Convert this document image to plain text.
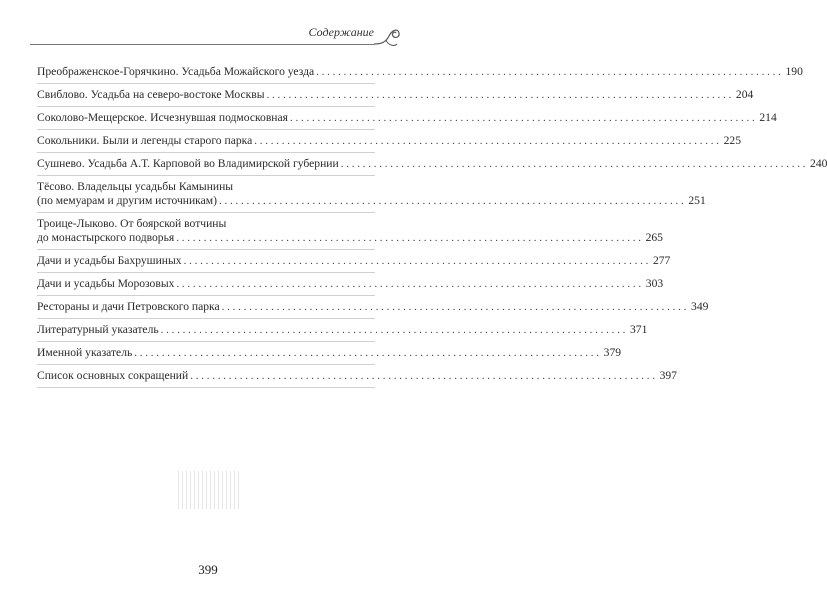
Содержание
Преображенское-Горячкино. Усадьба Можайского уезда . . .	190
Свиблово. Усадьба на северо-востоке Москвы . . .	204
Соколово-Мещерское. Исчезнувшая подмосковная . . .	214
Сокольники. Были и легенды старого парка . . .	225
Сушнево. Усадьба А.Т. Карповой во Владимирской губернии . . .	240
Тёсово. Владельцы усадьбы Камынины
(по мемуарам и другим источникам) . . .	251
Троице-Лыково. От боярской вотчины
до монастырского подворья . . .	265
Дачи и усадьбы Бахрушиных . . .	277
Дачи и усадьбы Морозовых . . .	303
Рестораны и дачи Петровского парка . . .	349
Литературный указатель . . .	371
Именной указатель . . .	379
Список основных сокращений . . .	397
399
